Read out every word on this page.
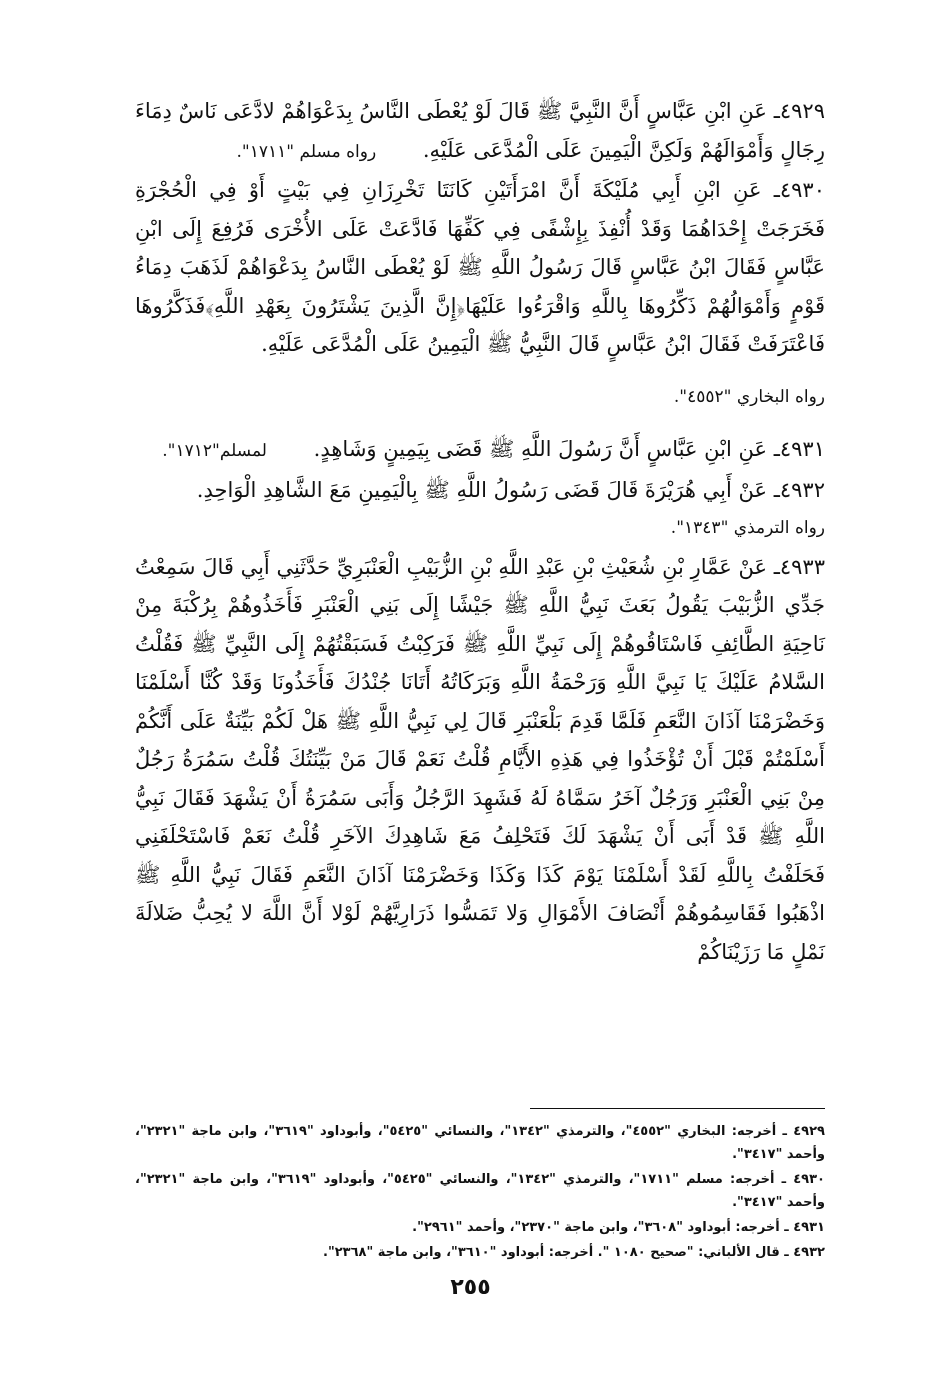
٤٩٢٩ـ عَنِ ابْنِ عَبَّاسٍ أَنَّ النَّبِيَّ ﷺ قَالَ لَوْ يُعْطَى النَّاسُ بِدَعْوَاهُمْ لادَّعَى نَاسٌ دِمَاءَ رِجَالٍ وَأَمْوَالَهُمْ وَلَكِنَّ الْيَمِينَ عَلَى الْمُدَّعَى عَلَيْهِ. رواه مسلم "١٧١١".

٤٩٣٠ـ عَنِ ابْنِ أَبِي مُلَيْكَةَ أَنَّ امْرَأَتَيْنِ كَانَتَا تَخْرِزَانِ فِي بَيْتٍ أَوْ فِي الْحُجْرَةِ فَخَرَجَتْ إِحْدَاهُمَا وَقَدْ أُنْفِذَ بِإِشْفًى فِي كَفِّهَا فَادَّعَتْ عَلَى الأُخْرَى فَرُفِعَ إِلَى ابْنِ عَبَّاسٍ فَقَالَ ابْنُ عَبَّاسٍ قَالَ رَسُولُ اللَّهِ ﷺ لَوْ يُعْطَى النَّاسُ بِدَعْوَاهُمْ لَذَهَبَ دِمَاءُ قَوْمٍ وَأَمْوَالُهُمْ ذَكِّرُوهَا بِاللَّهِ وَاقْرَءُوا عَلَيْهَا﴿إِنَّ الَّذِينَ يَشْتَرُونَ بِعَهْدِ اللَّهِ﴾فَذَكَّرُوهَا فَاعْتَرَفَتْ فَقَالَ ابْنُ عَبَّاسٍ قَالَ النَّبِيُّ ﷺ الْيَمِينُ عَلَى الْمُدَّعَى عَلَيْهِ.

رواه البخاري "٤٥٥٢".

٤٩٣١ـ عَنِ ابْنِ عَبَّاسٍ أَنَّ رَسُولَ اللَّهِ ﷺ قَضَى بِيَمِينٍ وَشَاهِدٍ. لمسلم"١٧١٢".

٤٩٣٢ـ عَنْ أَبِي هُرَيْرَةَ قَالَ قَضَى رَسُولُ اللَّهِ ﷺ بِالْيَمِينِ مَعَ الشَّاهِدِ الْوَاحِدِ.

رواه الترمذي "١٣٤٣".

٤٩٣٣ـ عَنْ عَمَّارِ بْنِ شُعَيْثِ بْنِ عَبْدِ اللَّهِ بْنِ الزُّبَيْبِ الْعَنْبَرِيِّ حَدَّثَنِي أَبِي قَالَ سَمِعْتُ جَدِّي الزُّبَيْبَ يَقُولُ بَعَثَ نَبِيُّ اللَّهِ ﷺ جَيْشًا إِلَى بَنِي الْعَنْبَرِ فَأَخَذُوهُمْ بِرُكْبَةَ مِنْ نَاحِيَةِ الطَّائِفِ فَاسْتَاقُوهُمْ إِلَى نَبِيِّ اللَّهِ ﷺ فَرَكِبْتُ فَسَبَقْتُهُمْ إِلَى النَّبِيِّ ﷺ فَقُلْتُ السَّلامُ عَلَيْكَ يَا نَبِيَّ اللَّهِ وَرَحْمَةُ اللَّهِ وَبَرَكَاتُهُ أَتَانَا جُنْدُكَ فَأَخَذُونَا وَقَدْ كُنَّا أَسْلَمْنَا وَخَضْرَمْنَا آذَانَ النَّعَمِ فَلَمَّا قَدِمَ بَلْعَنْبَرِ قَالَ لِي نَبِيُّ اللَّهِ ﷺ هَلْ لَكُمْ بَيِّنَةٌ عَلَى أَنَّكُمْ أَسْلَمْتُمْ قَبْلَ أَنْ تُؤْخَذُوا فِي هَذِهِ الأَيَّامِ قُلْتُ نَعَمْ قَالَ مَنْ بَيِّنَتُكَ قُلْتُ سَمُرَةُ رَجُلٌ مِنْ بَنِي الْعَنْبَرِ وَرَجُلٌ آخَرُ سَمَّاهُ لَهُ فَشَهِدَ الرَّجُلُ وَأَبَى سَمُرَةُ أَنْ يَشْهَدَ فَقَالَ نَبِيُّ اللَّهِ ﷺ قَدْ أَبَى أَنْ يَشْهَدَ لَكَ فَتَحْلِفُ مَعَ شَاهِدِكَ الآخَرِ قُلْتُ نَعَمْ فَاسْتَحْلَفَنِي فَحَلَفْتُ بِاللَّهِ لَقَدْ أَسْلَمْنَا يَوْمَ كَذَا وَكَذَا وَخَضْرَمْنَا آذَانَ النَّعَمِ فَقَالَ نَبِيُّ اللَّهِ ﷺ اذْهَبُوا فَقَاسِمُوهُمْ أَنْصَافَ الأَمْوَالِ وَلا تَمَسُّوا ذَرَارِيَّهُمْ لَوْلا أَنَّ اللَّهَ لا يُحِبُّ ضَلالَةَ نَمْلٍ مَا رَزَيْنَاكُمْ

٤٩٢٩ ـ أخرجه: البخاري "٤٥٥٢"، والترمذي "١٣٤٢"، والنسائي "٥٤٢٥"، وأبوداود "٣٦١٩"، وابن ماجة "٢٣٢١"، وأحمد "٣٤١٧".

٤٩٣٠ ـ أخرجه: مسلم "١٧١١"، والترمذي "١٣٤٢"، والنسائي "٥٤٢٥"، وأبوداود "٣٦١٩"، وابن ماجة "٢٣٢١"، وأحمد "٣٤١٧".

٤٩٣١ ـ أخرجه: أبوداود "٣٦٠٨"، وابن ماجة "٢٣٧٠"، وأحمد "٢٩٦١".

٤٩٣٢ ـ قال الألباني: "صحيح ١٠٨٠ ". أخرجه: أبوداود "٣٦١٠"، وابن ماجة "٢٣٦٨".

٢٥٥
